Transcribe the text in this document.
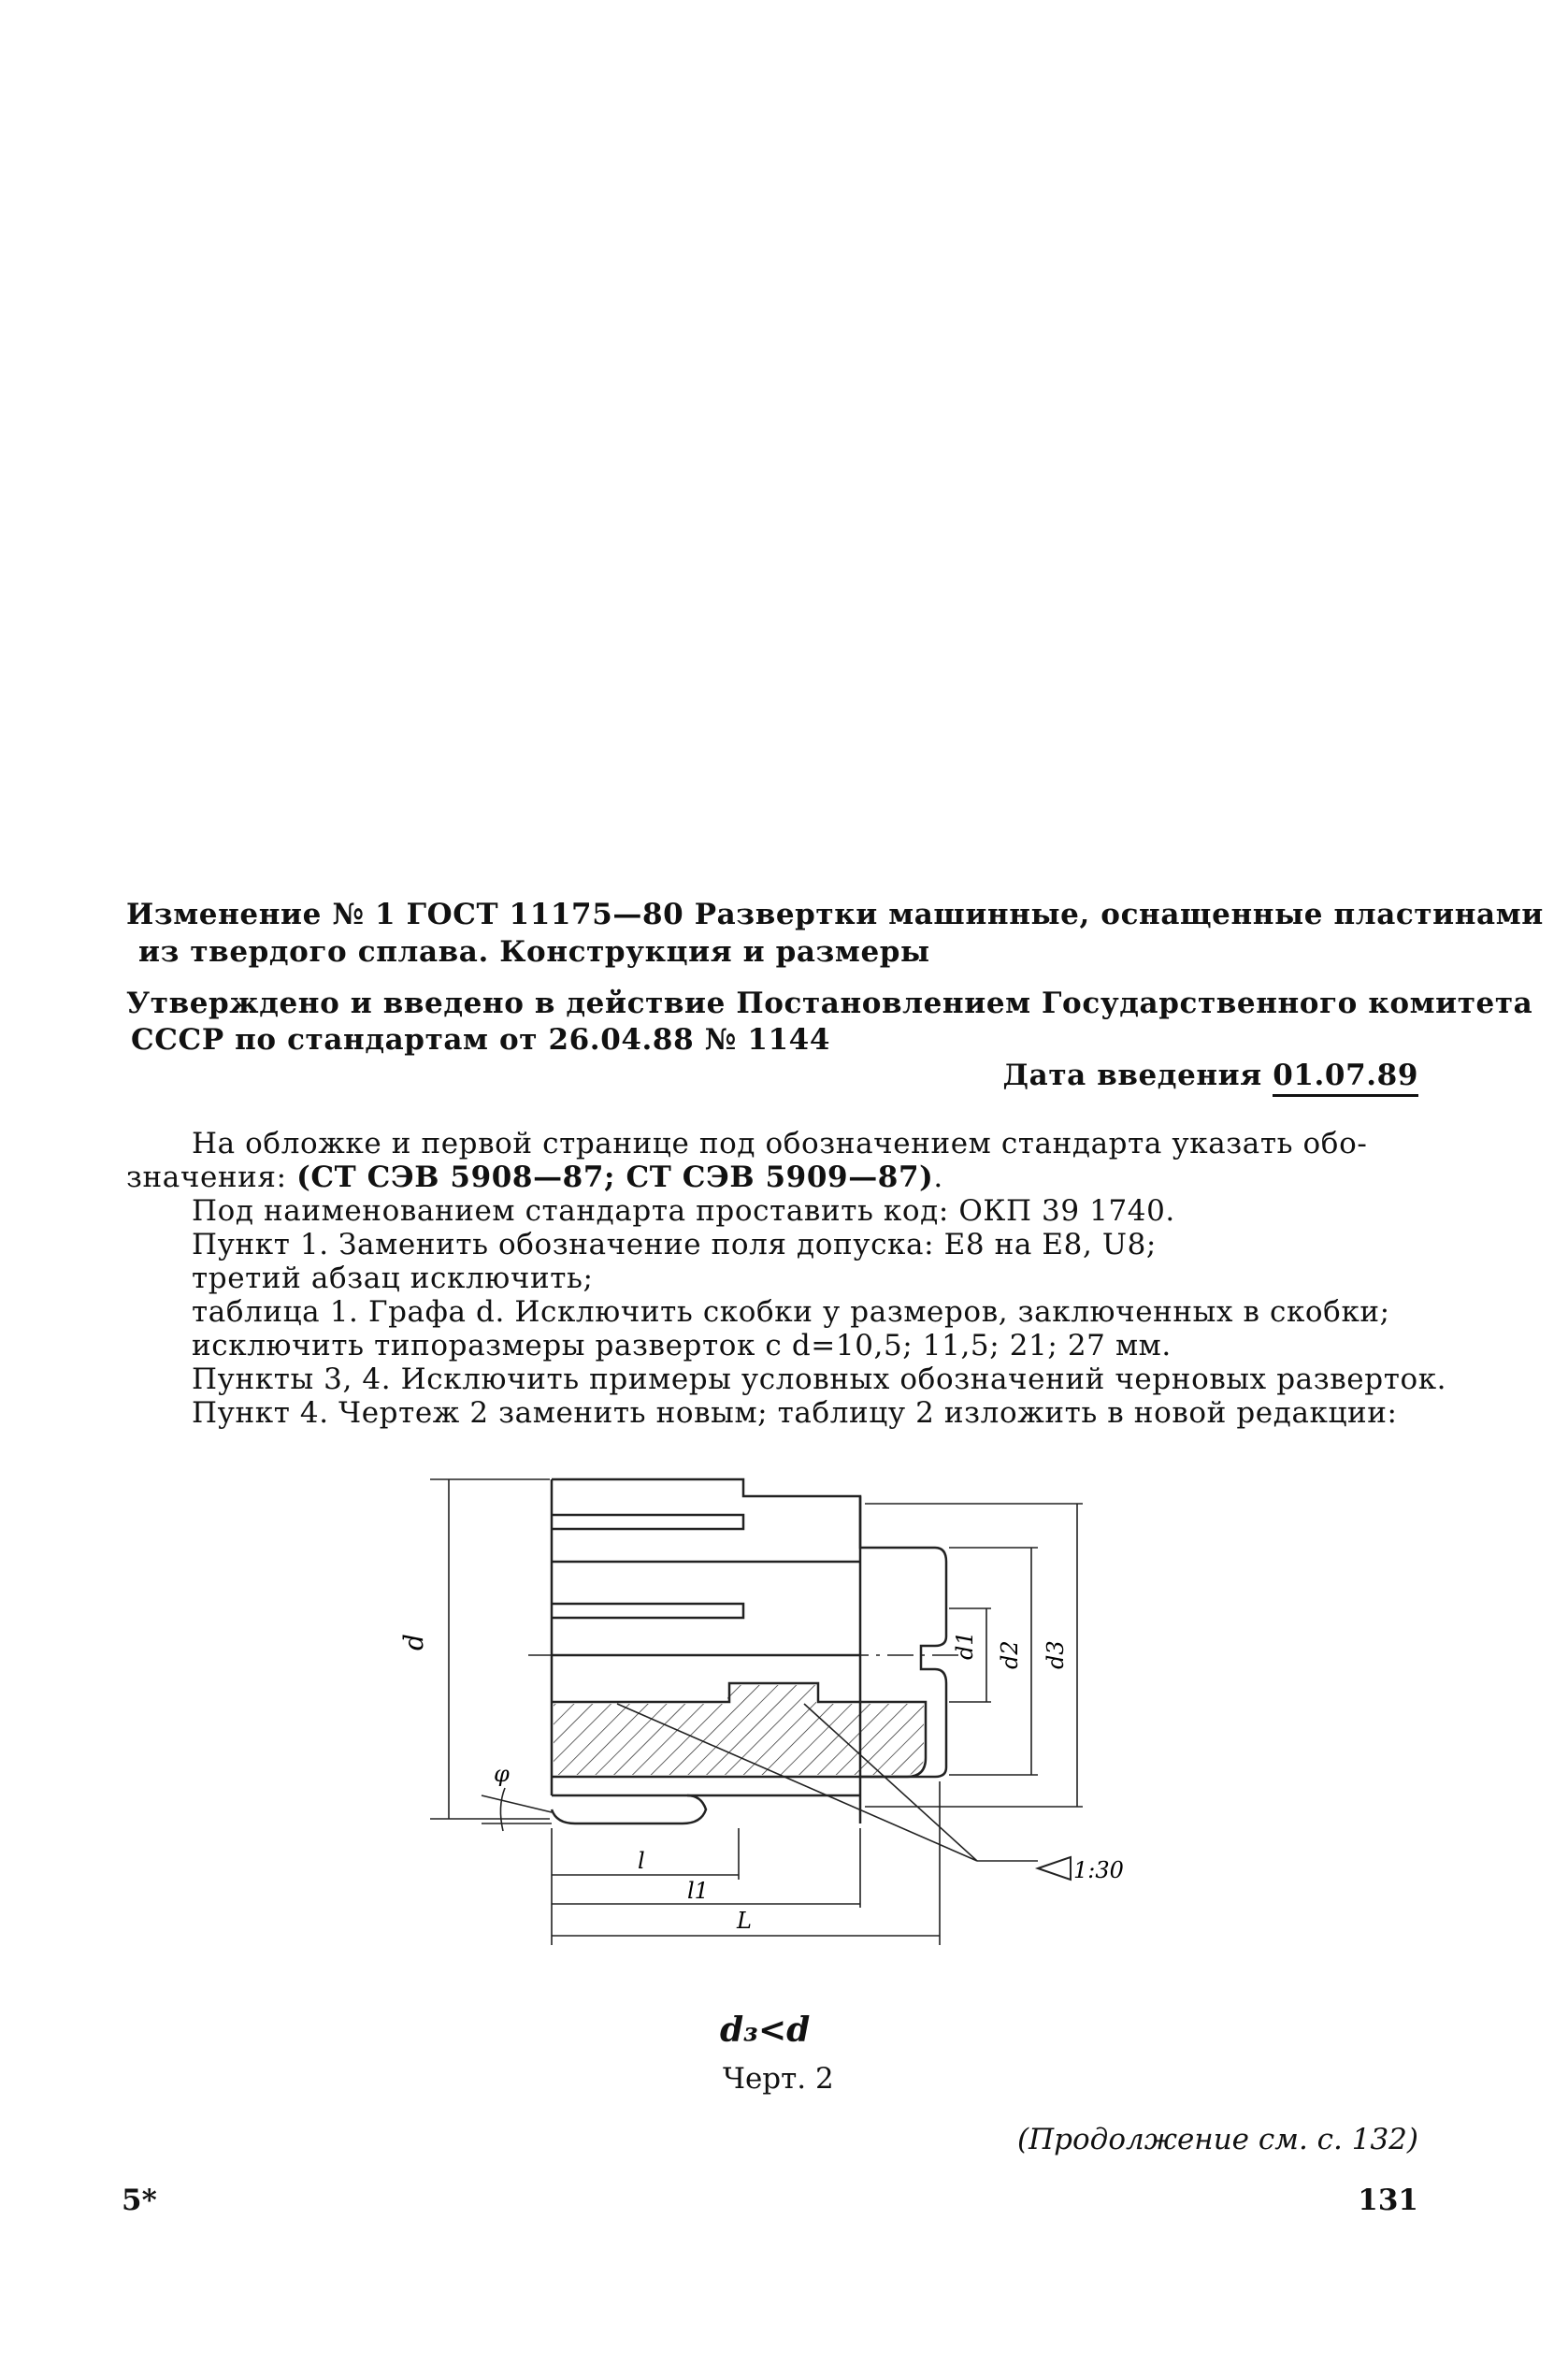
Изменение № 1 ГОСТ 11175—80 Развертки машинные, оснащенные пластинами
из твердого сплава. Конструкция и размеры
Утверждено и введено в действие Постановлением Государственного комитета
СССР по стандартам от 26.04.88 № 1144
Дата введения 01.07.89
На обложке и первой странице под обозначением стандарта указать обо-
значения: (СТ СЭВ 5908—87; СТ СЭВ 5909—87).
Под наименованием стандарта проставить код: ОКП 39 1740.
Пункт 1. Заменить обозначение поля допуска: E8 на E8, U8;
третий абзац исключить;
таблица 1. Графа d. Исключить скобки у размеров, заключенных в скобки;
исключить типоразмеры разверток с d=10,5; 11,5; 21; 27 мм.
Пункты 3, 4. Исключить примеры условных обозначений черновых разверток.
Пункт 4. Чертеж 2 заменить новым; таблицу 2 изложить в новой редакции:
d	d1 d2 d3
φ
l
l1
L
1:30
d₃<d
Черт. 2
(Продолжение см. с. 132)
5*	131
